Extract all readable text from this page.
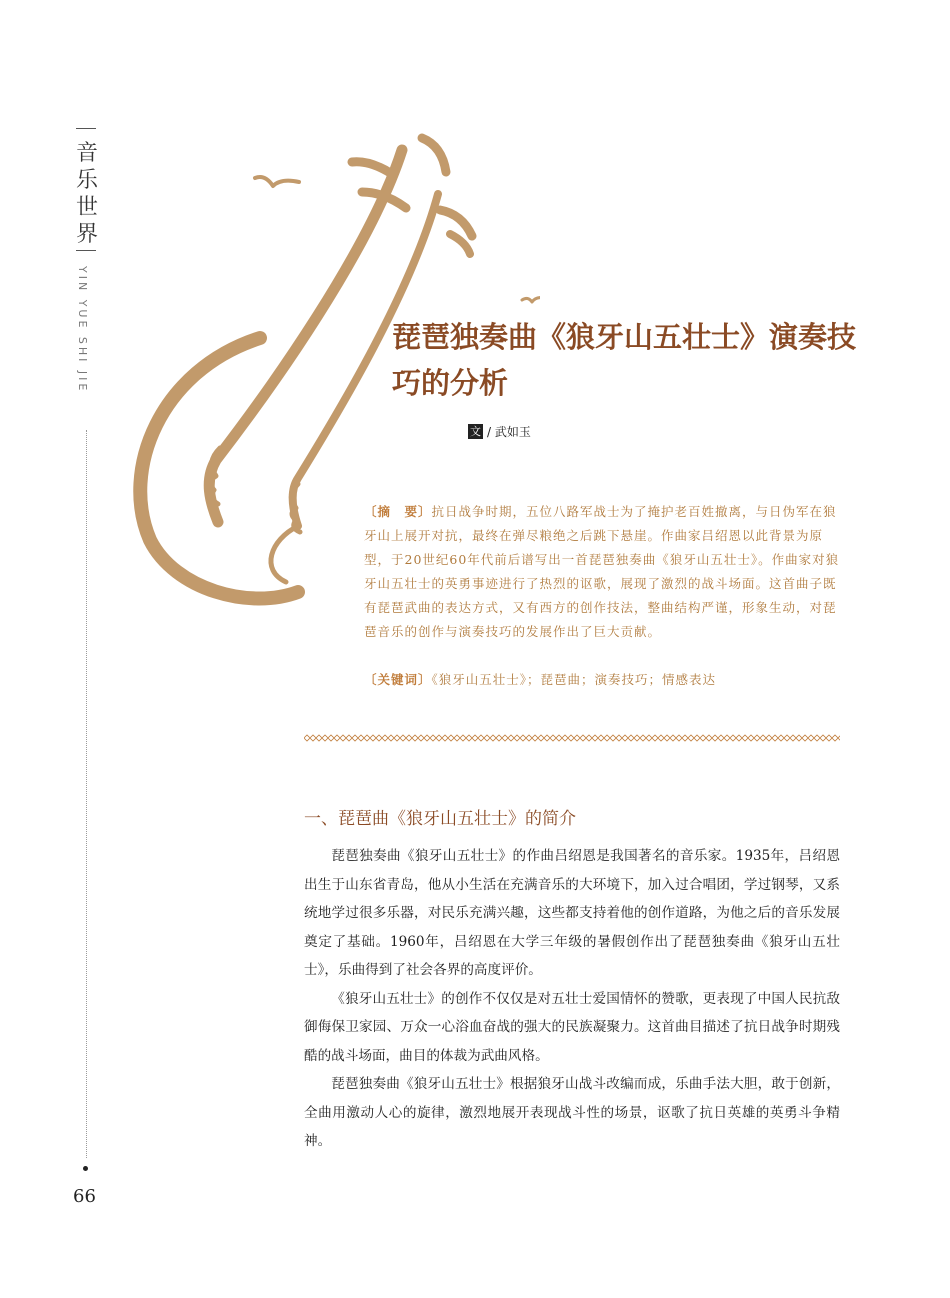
音乐世界
YIN YUE SHI JIE
66
琵琶独奏曲《狼牙山五壮士》演奏技巧的分析
文 / 武如玉

〔摘　要〕抗日战争时期，五位八路军战士为了掩护老百姓撤离，与日伪军在狼牙山上展开对抗，最终在弹尽粮绝之后跳下悬崖。作曲家吕绍恩以此背景为原型，于20世纪60年代前后谱写出一首琵琶独奏曲《狼牙山五壮士》。作曲家对狼牙山五壮士的英勇事迹进行了热烈的讴歌，展现了激烈的战斗场面。这首曲子既有琵琶武曲的表达方式，又有西方的创作技法，整曲结构严谨，形象生动，对琵琶音乐的创作与演奏技巧的发展作出了巨大贡献。

〔关键词〕《狼牙山五壮士》；琵琶曲；演奏技巧；情感表达

一、琵琶曲《狼牙山五壮士》的简介

琵琶独奏曲《狼牙山五壮士》的作曲吕绍恩是我国著名的音乐家。1935年，吕绍恩出生于山东省青岛，他从小生活在充满音乐的大环境下，加入过合唱团，学过钢琴，又系统地学过很多乐器，对民乐充满兴趣，这些都支持着他的创作道路，为他之后的音乐发展奠定了基础。1960年，吕绍恩在大学三年级的暑假创作出了琵琶独奏曲《狼牙山五壮士》，乐曲得到了社会各界的高度评价。

《狼牙山五壮士》的创作不仅仅是对五壮士爱国情怀的赞歌，更表现了中国人民抗敌御侮保卫家园、万众一心浴血奋战的强大的民族凝聚力。这首曲目描述了抗日战争时期残酷的战斗场面，曲目的体裁为武曲风格。

琵琶独奏曲《狼牙山五壮士》根据狼牙山战斗改编而成，乐曲手法大胆，敢于创新，全曲用激动人心的旋律，激烈地展开表现战斗性的场景，讴歌了抗日英雄的英勇斗争精神。
